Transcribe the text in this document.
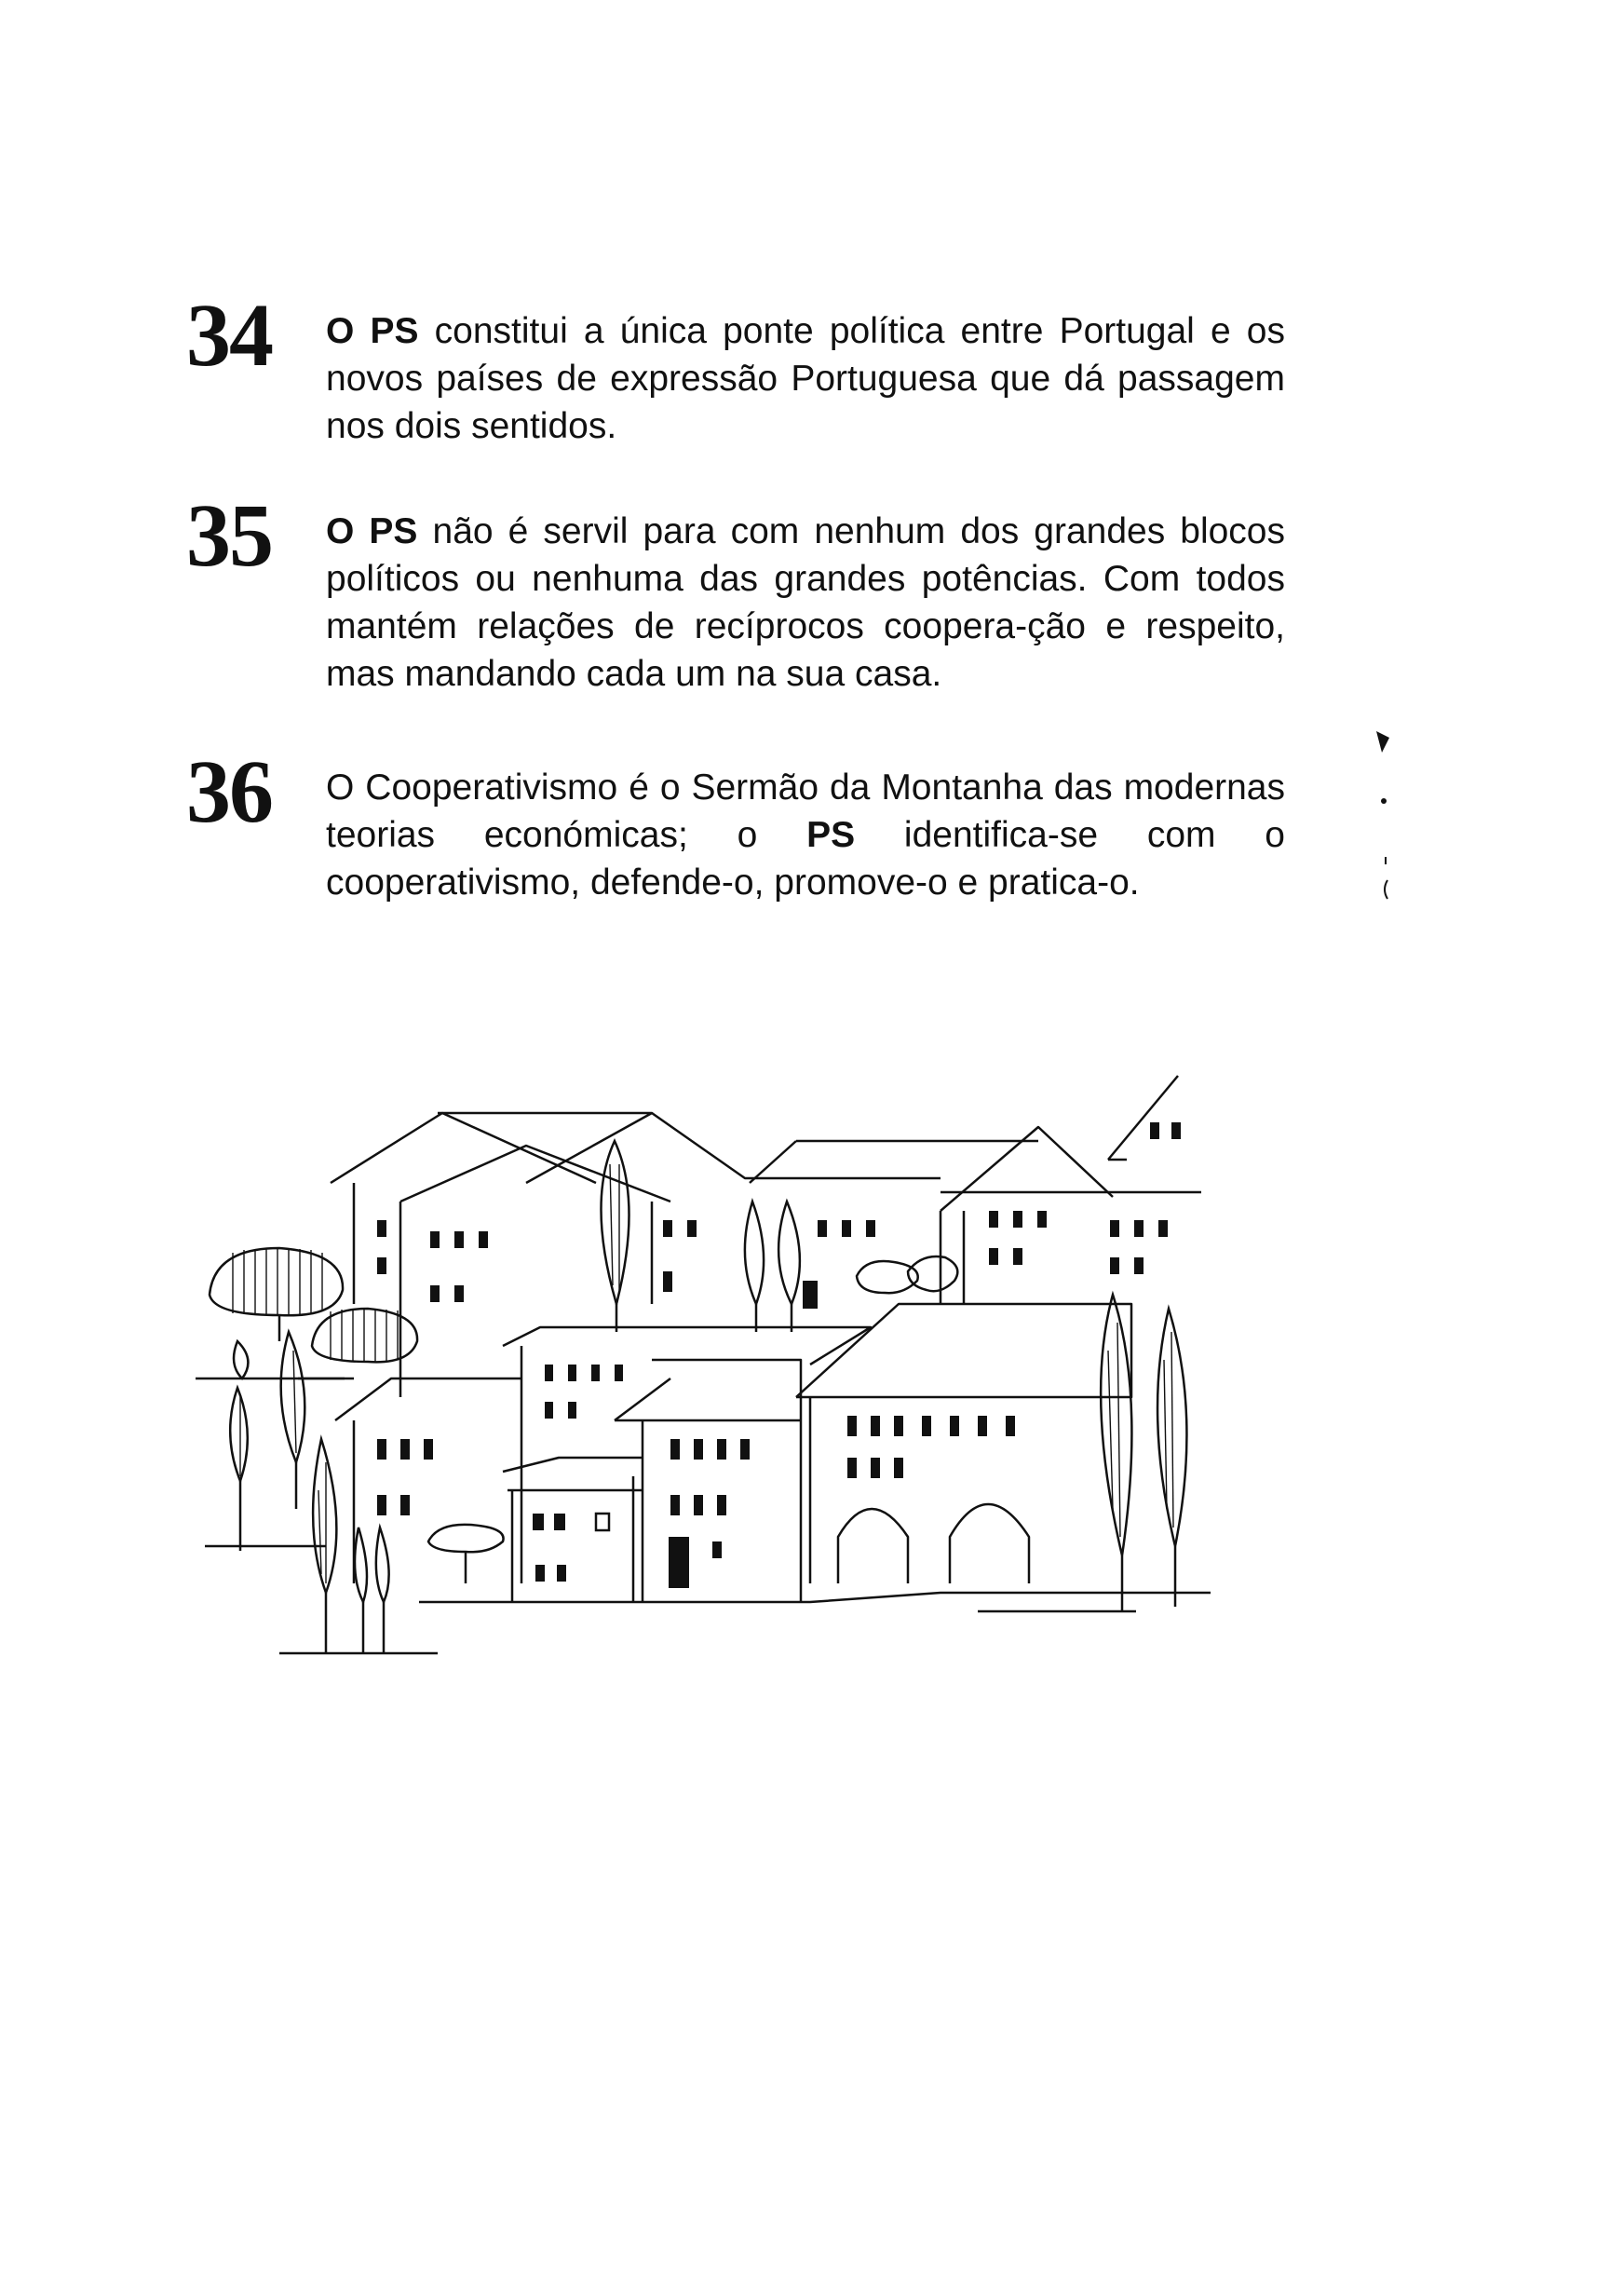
34 O PS constitui a única ponte política entre Portugal e os novos países de expressão Portuguesa que dá passagem nos dois sentidos.
35 O PS não é servil para com nenhum dos grandes blocos políticos ou nenhuma das grandes potências. Com todos mantém relações de recíprocos coopera-ção e respeito, mas mandando cada um na sua casa.
36 O Cooperativismo é o Sermão da Montanha das modernas teorias económicas; o PS identifica-se com o cooperativismo, defende-o, promove-o e pratica-o.
